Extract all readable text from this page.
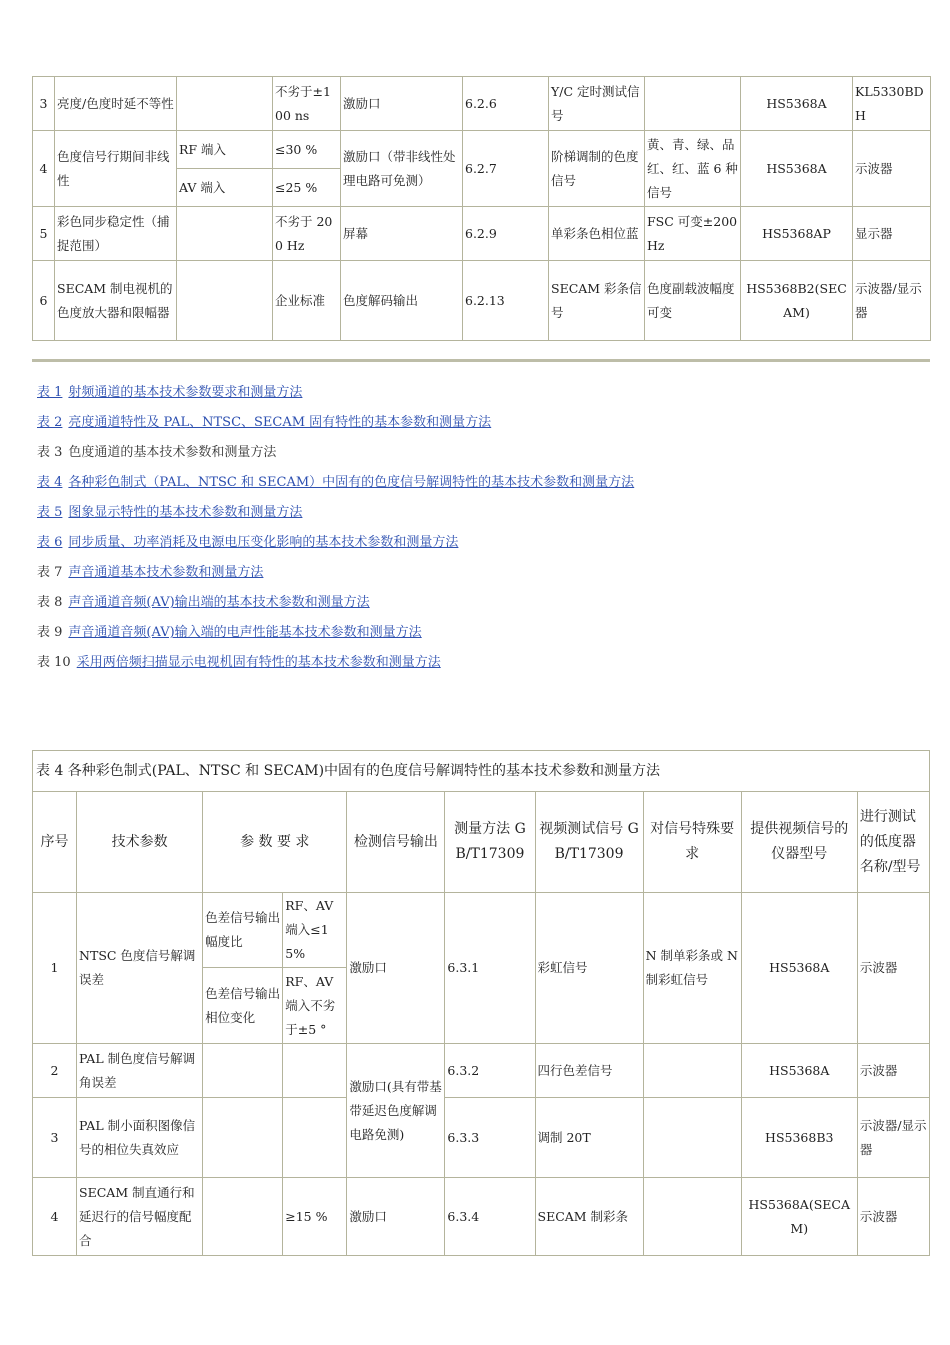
3	亮度/色度时延不等性		不劣于±100 ns	激励口	6.2.6	Y/C 定时测试信号		HS5368A	KL5330BDH
4	色度信号行期间非线性	RF 端入	≤30 %	激励口（带非线性处理电路可免测）	6.2.7	阶梯调制的色度信号	黄、青、绿、品红、红、蓝 6 种信号	HS5368A	示波器
		AV 端入	≤25 %						
5	彩色同步稳定性（捕捉范围）		不劣于 200 Hz	屏幕	6.2.9	单彩条色相位蓝	FSC 可变±200Hz	HS5368AP	显示器
6	SECAM 制电视机的色度放大器和限幅器		企业标准	色度解码输出	6.2.13	SECAM 彩条信号	色度副载波幅度可变	HS5368B2(SECAM)	示波器/显示器
表 1 射频通道的基本技术参数要求和测量方法
表 2 亮度通道特性及 PAL、NTSC、SECAM 固有特性的基本参数和测量方法
表 3 色度通道的基本技术参数和测量方法
表 4 各种彩色制式（PAL、NTSC 和 SECAM）中固有的色度信号解调特性的基本技术参数和测量方法
表 5 图象显示特性的基本技术参数和测量方法
表 6 同步质量、功率消耗及电源电压变化影响的基本技术参数和测量方法
表 7 声音通道基本技术参数和测量方法
表 8 声音通道音频(AV)输出端的基本技术参数和测量方法
表 9 声音通道音频(AV)输入端的电声性能基本技术参数和测量方法
表 10 采用两倍频扫描显示电视机固有特性的基本技术参数和测量方法
表 4 各种彩色制式(PAL、NTSC 和 SECAM)中固有的色度信号解调特性的基本技术参数和测量方法									
序号	技术参数	参 数 要 求		检测信号输出	测量方法 GB/T17309	视频测试信号 GB/T17309	对信号特殊要求	提供视频信号的仪器型号	进行测试的低度器名称/型号
1	NTSC 色度信号解调误差	色差信号输出幅度比	RF、AV 端入≤15%	激励口	6.3.1	彩虹信号	N 制单彩条或 N 制彩虹信号	HS5368A	示波器
		色差信号输出相位变化	RF、AV 端入不劣于±5 °						
2	PAL 制色度信号解调角误差			激励口(具有带基带延迟色度解调电路免测)	6.3.2	四行色差信号		HS5368A	示波器
3	PAL 制小面积图像信号的相位失真效应				6.3.3	调制 20T		HS5368B3	示波器/显示器
4	SECAM 制直通行和延迟行的信号幅度配合		≥15 %	激励口	6.3.4	SECAM 制彩条		HS5368A(SECAM)	示波器
